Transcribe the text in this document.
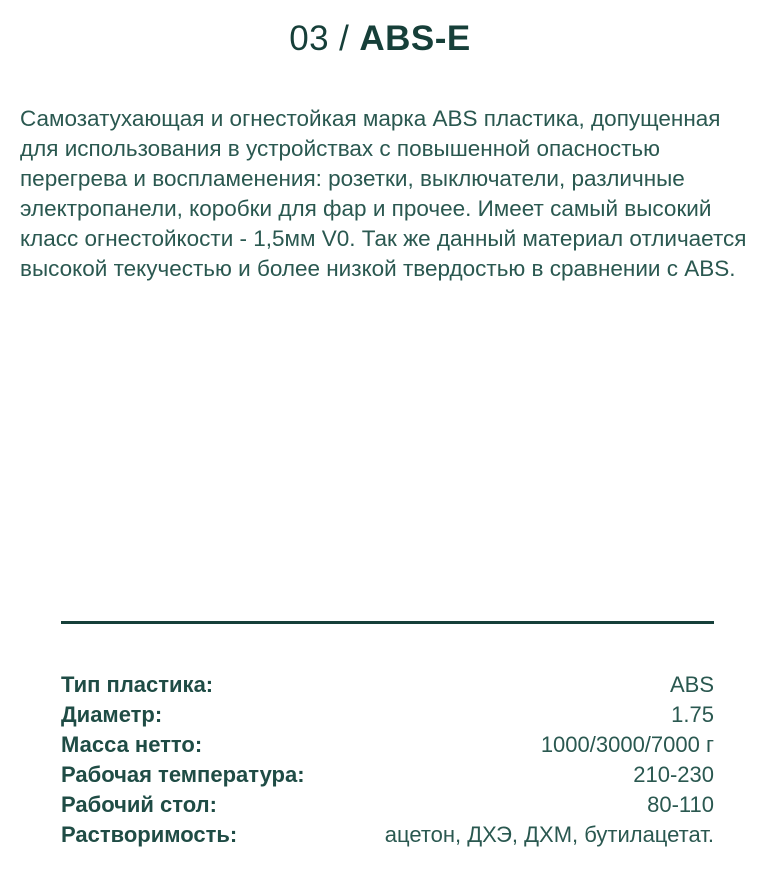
03 / ABS-E

Самозатухающая и огнестойкая марка ABS пластика, допущенная для использования в устройствах с повышенной опасностью перегрева и воспламенения: розетки, выключатели, различные электропанели, коробки для фар и прочее. Имеет самый высокий класс огнестойкости - 1,5мм V0. Так же данный материал отличается высокой текучестью и более низкой твердостью в сравнении с ABS.

Тип пластика:	ABS
Диаметр:	1.75
Масса нетто:	1000/3000/7000 г
Рабочая температура:	210-230
Рабочий стол:	80-110
Растворимость:	ацетон, ДХЭ, ДХМ, бутилацетат.
